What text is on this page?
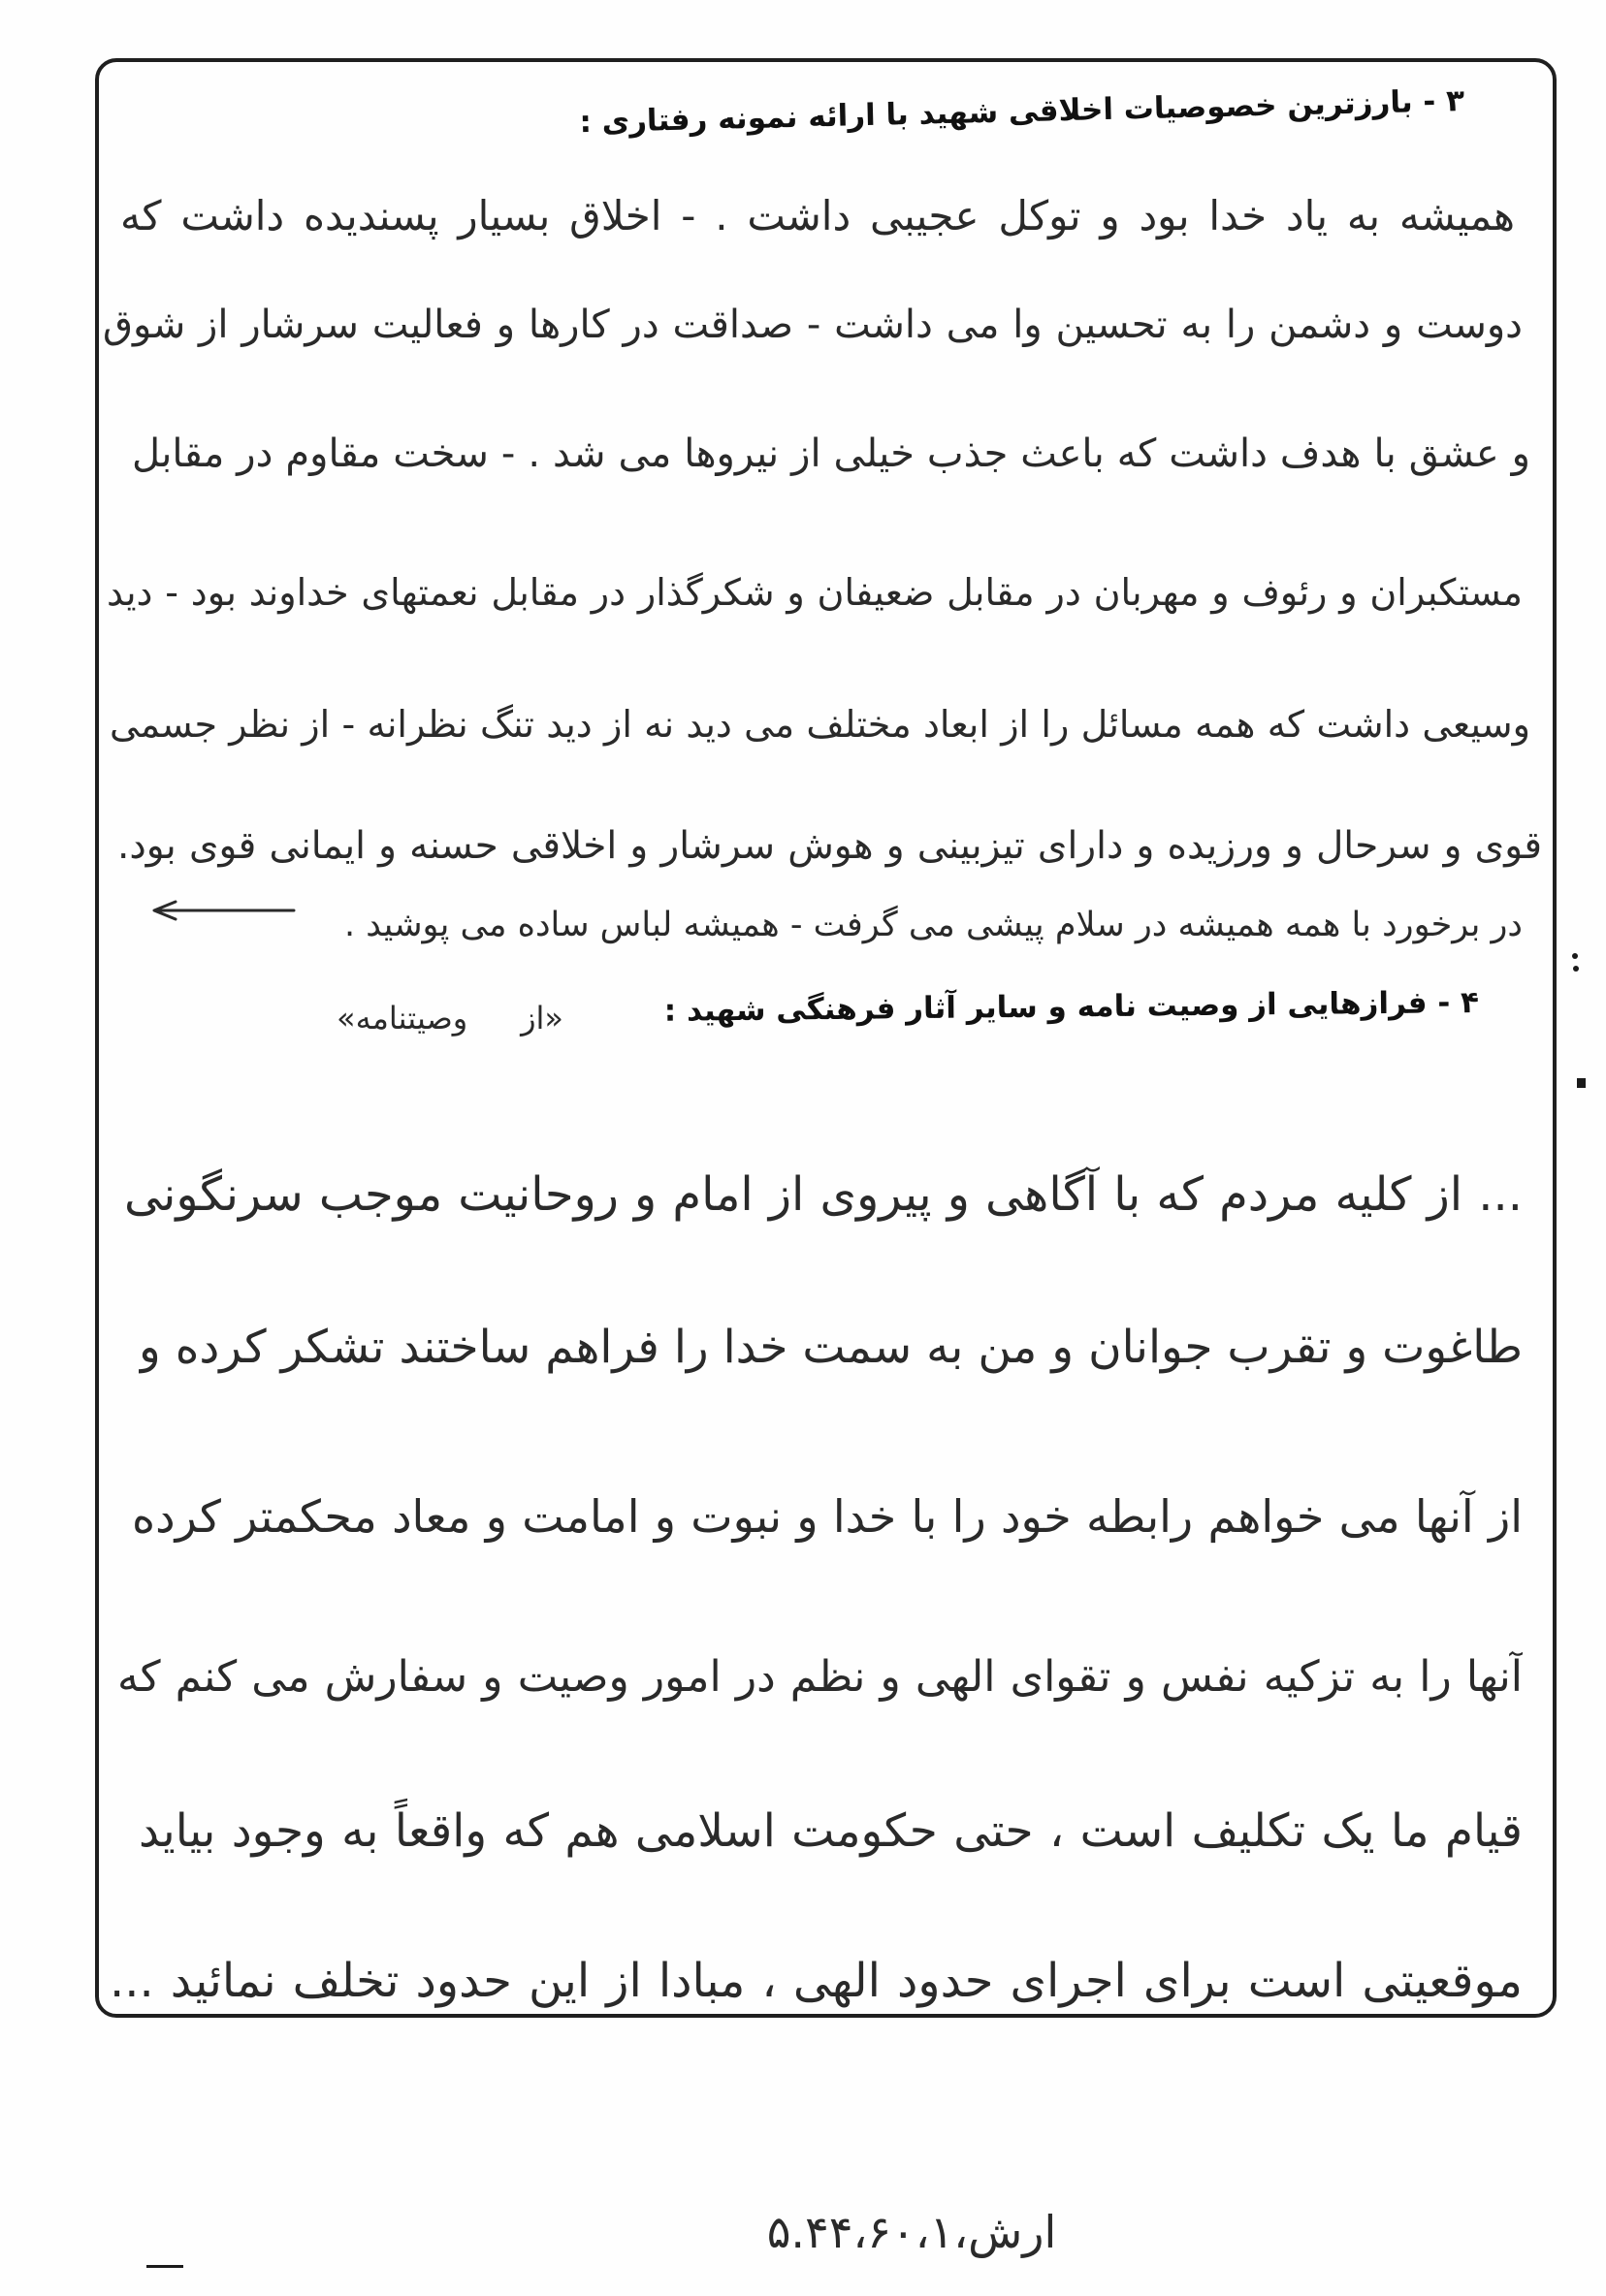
۳ - بارزترین خصوصیات اخلاقی شهید با ارائه نمونه رفتاری :
همیشه به یاد خدا بود و توکل عجیبی داشت . - اخلاق بسیار پسندیده داشت که
دوست و دشمن را به تحسین وا می داشت - صداقت در کارها و فعالیت سرشار از شوق
و عشق با هدف داشت که باعث جذب خیلی از نیروها می شد . - سخت مقاوم در مقابل
مستکبران و رئوف و مهربان در مقابل ضعیفان و شکرگذار در مقابل نعمتهای خداوند بود - دید
وسیعی داشت که همه مسائل را از ابعاد مختلف می دید نه از دید تنگ نظرانه - از نظر جسمی
قوی و سرحال و ورزیده و دارای تیزبینی و هوش سرشار و اخلاقی حسنه و ایمانی قوی بود.
در برخورد با همه همیشه در سلام پیشی می گرفت - همیشه لباس ساده می پوشید .
۴ - فرازهایی از وصیت نامه و سایر آثار فرهنگی شهید :
«از وصیتنامه»
... از کلیه مردم که با آگاهی و پیروی از امام و روحانیت موجب سرنگونی
طاغوت و تقرب جوانان و من به سمت خدا را فراهم ساختند تشکر کرده و
از آنها می خواهم رابطه خود را با خدا و نبوت و امامت و معاد محکمتر کرده
آنها را به تزکیه نفس و تقوای الهی و نظم در امور وصیت و سفارش می کنم که
قیام ما یک تکلیف است ، حتی حکومت اسلامی هم که واقعاً به وجود بیاید
موقعیتی است برای اجرای حدود الهی ، مبادا از این حدود تخلف نمائید ...
۵.۴۴،۶۰،۱،ارش
